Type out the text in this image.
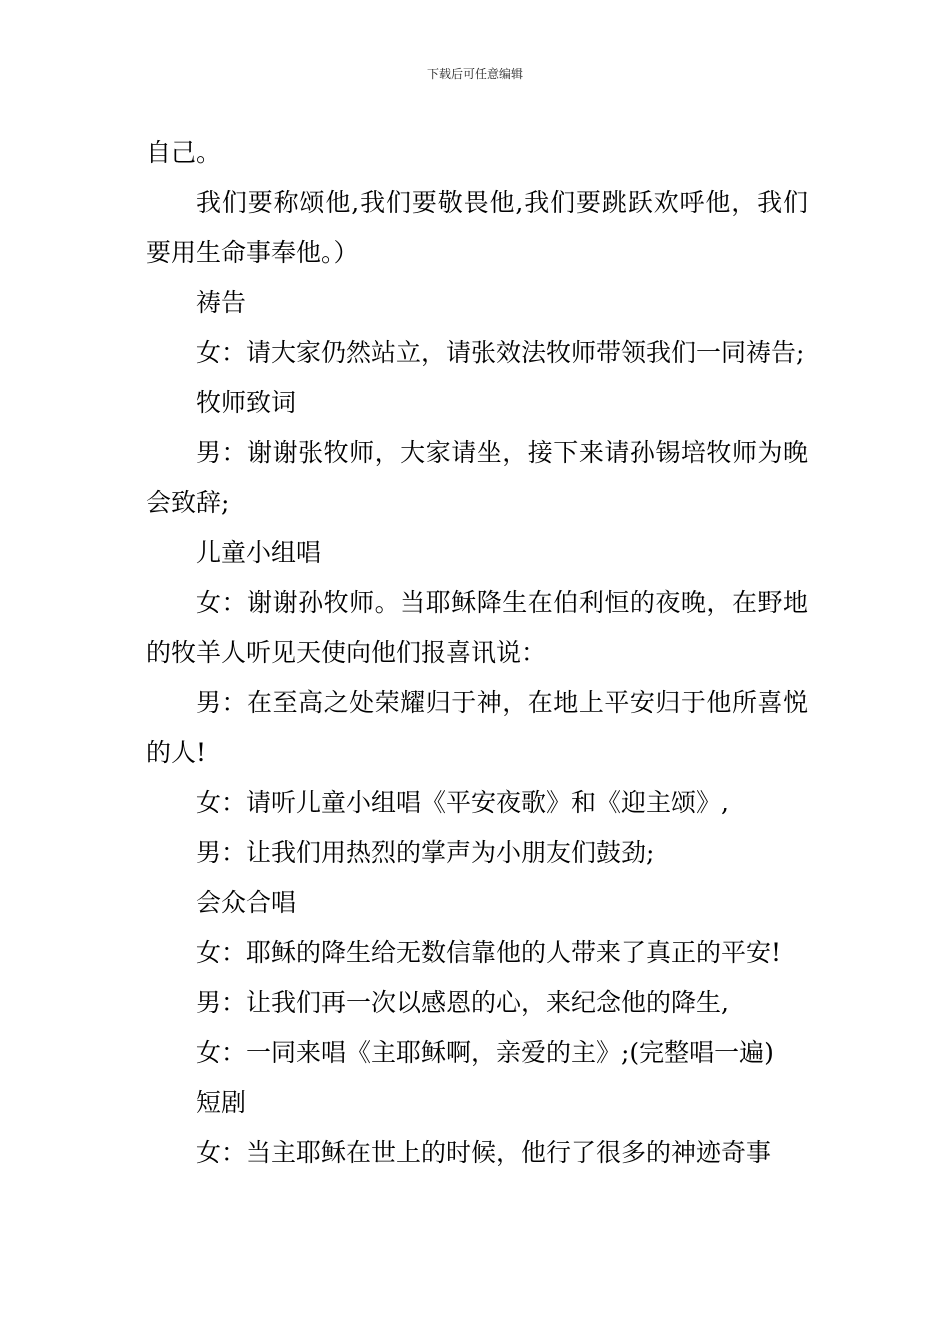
下载后可任意编辑

自己。

我们要称颂他,我们要敬畏他,我们要跳跃欢呼他，我们要用生命事奉他。）

祷告

女：请大家仍然站立，请张效法牧师带领我们一同祷告;

牧师致词

男：谢谢张牧师，大家请坐，接下来请孙锡培牧师为晚会致辞;

儿童小组唱

女：谢谢孙牧师。当耶稣降生在伯利恒的夜晚，在野地的牧羊人听见天使向他们报喜讯说：

男：在至高之处荣耀归于神，在地上平安归于他所喜悦的人!

女：请听儿童小组唱《平安夜歌》和《迎主颂》,

男：让我们用热烈的掌声为小朋友们鼓劲;

会众合唱

女：耶稣的降生给无数信靠他的人带来了真正的平安!

男：让我们再一次以感恩的心，来纪念他的降生,

女：一同来唱《主耶稣啊，亲爱的主》;(完整唱一遍)

短剧

女：当主耶稣在世上的时候，他行了很多的神迹奇事
